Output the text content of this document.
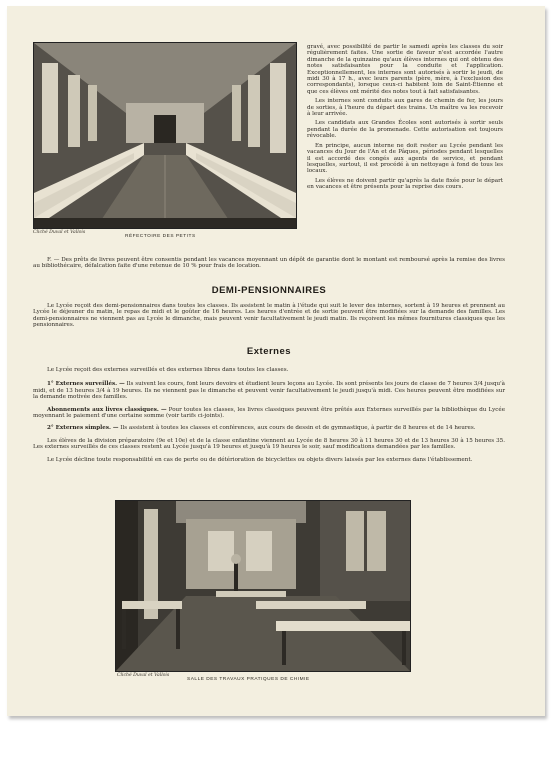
Cliché Duval et Vallois
RÉFECTOIRE DES PETITS

gravé, avec possibilité de partir le samedi après les classes du soir régulièrement faites. Une sortie de faveur n'est accordée l'autre dimanche de la quinzaine qu'aux élèves internes qui ont obtenu des notes satisfaisantes pour la conduite et l'application. Exceptionnellement, les internes sont autorisés à sortir le jeudi, de midi 30 à 17 h., avec leurs parents (père, mère, à l'exclusion des correspondants), lorsque ceux-ci habitent loin de Saint-Étienne et que ces élèves ont mérité des notes tout à fait satisfaisantes.

Les internes sont conduits aux gares de chemin de fer, les jours de sorties, à l'heure du départ des trains. Un maître va les recevoir à leur arrivée.

Les candidats aux Grandes Écoles sont autorisés à sortir seuls pendant la durée de la promenade. Cette autorisation est toujours révocable.

En principe, aucun interne ne doit rester au Lycée pendant les vacances du Jour de l'An et de Pâques, périodes pendant lesquelles il est accordé des congés aux agents de service, et pendant lesquelles, surtout, il est procédé à un nettoyage à fond de tous les locaux.

Les élèves ne doivent partir qu'après la date fixée pour le départ en vacances et être présents pour la reprise des cours.

F. — Des prêts de livres peuvent être consentis pendant les vacances moyennant un dépôt de garantie dont le montant est remboursé après la remise des livres au bibliothécaire, défalcation faite d'une retenue de 10 % pour frais de location.

DEMI-PENSIONNAIRES

Le Lycée reçoit des demi-pensionnaires dans toutes les classes. Ils assistent le matin à l'étude qui suit le lever des internes, sortent à 19 heures et prennent au Lycée le déjeuner du matin, le repas de midi et le goûter de 16 heures. Les heures d'entrée et de sortie peuvent être modifiées sur la demande des familles. Les demi-pensionnaires ne viennent pas au Lycée le dimanche, mais peuvent venir facultativement le jeudi matin. Ils reçoivent les mêmes fournitures classiques que les pensionnaires.

Externes

Le Lycée reçoit des externes surveillés et des externes libres dans toutes les classes.

1° Externes surveillés. — Ils suivent les cours, font leurs devoirs et étudient leurs leçons au Lycée. Ils sont présents les jours de classe de 7 heures 3/4 jusqu'à midi, et de 13 heures 3/4 à 19 heures. Ils ne viennent pas le dimanche et peuvent venir facultativement le jeudi jusqu'à midi. Ces heures peuvent être modifiées sur la demande motivée des familles.

Abonnements aux livres classiques. — Pour toutes les classes, les livres classiques peuvent être prêtés aux Externes surveillés par la bibliothèque du Lycée moyennant le paiement d'une certaine somme (voir tarifs ci-joints).

2° Externes simples. — Ils assistent à toutes les classes et conférences, aux cours de dessin et de gymnastique, à partir de 8 heures et de 14 heures.

Les élèves de la division préparatoire (9e et 10e) et de la classe enfantine viennent au Lycée de 8 heures 30 à 11 heures 30 et de 13 heures 30 à 15 heures 35. Les externes surveillés de ces classes restent au Lycée jusqu'à 19 heures et jusqu'à 19 heures le soir, sauf modifications demandées par les familles.

Le Lycée décline toute responsabilité en cas de perte ou de détérioration de bicyclettes ou objets divers laissés par les externes dans l'établissement.

Cliché Duval et Vallois
SALLE DES TRAVAUX PRATIQUES DE CHIMIE
